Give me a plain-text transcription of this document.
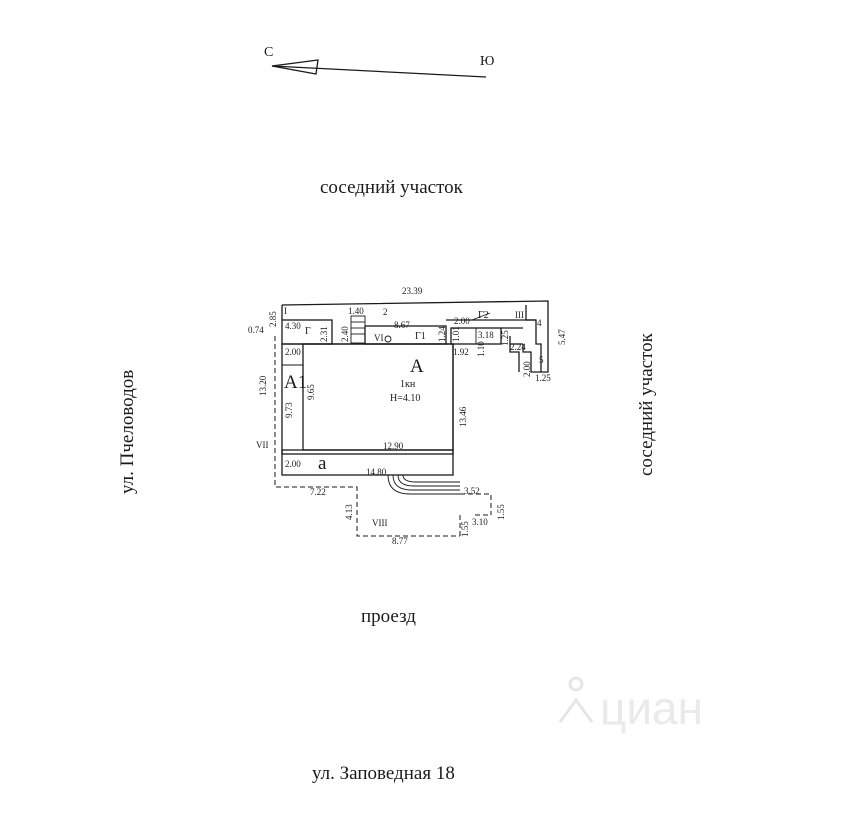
циан
С
Ю
соседний участок
соседний участок
ул. Пчеловодов
проезд
ул. Заповедная 18
А
1кн
Н=4.10
А1
а
Г	Г1
Г2
I	2	III
4
5
VI
VII
VIII
23.39
1.40
0.74 4.30	8.67	2.00
3.18
1.92	2.24
1.25
2.00
12.90
2.00
14.80
7.22	3.52
3.10
8.77
2.85
2.31 2.40	1.24 1.01	5.47
1.10
1.25
2.00
13.20
9.73
9.65
13.46
4.13	1.55
1.55
